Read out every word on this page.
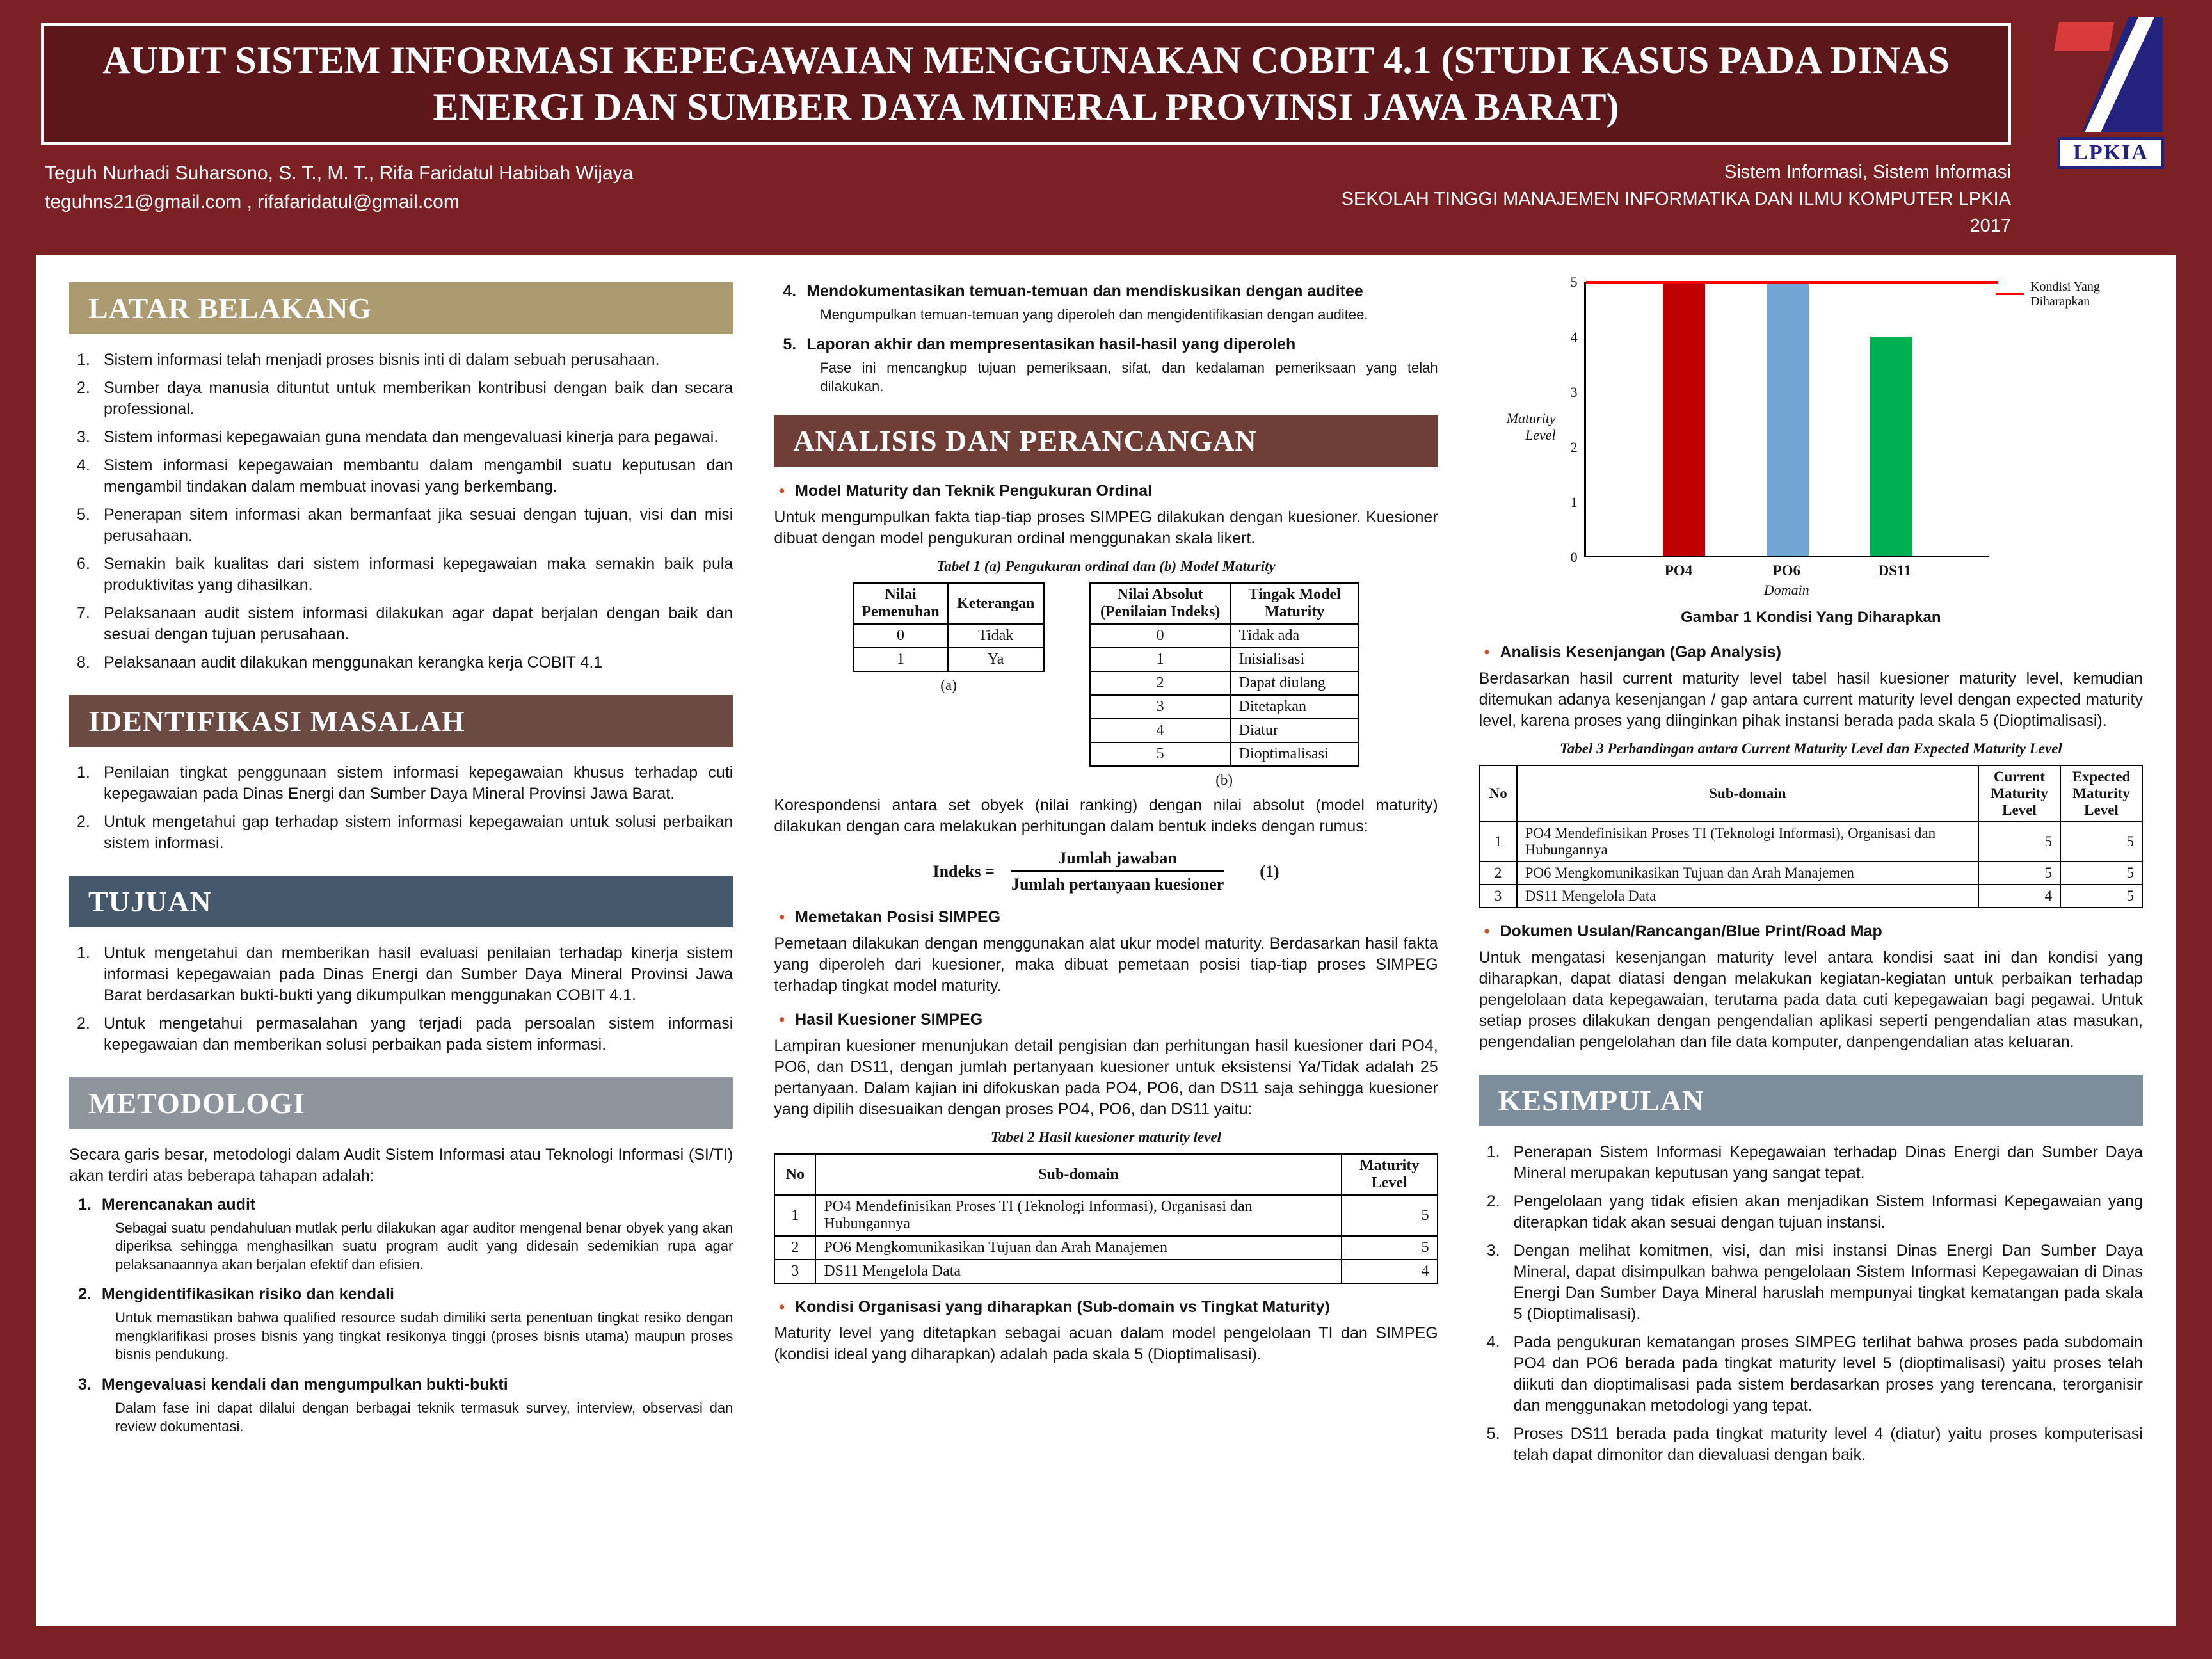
AUDIT SISTEM INFORMASI KEPEGAWAIAN MENGGUNAKAN COBIT 4.1 (STUDI KASUS PADA DINAS ENERGI DAN SUMBER DAYA MINERAL PROVINSI JAWA BARAT)
Teguh Nurhadi Suharsono, S. T., M. T., Rifa Faridatul Habibah Wijaya
teguhns21@gmail.com , rifafaridatul@gmail.com
Sistem Informasi, Sistem Informasi
SEKOLAH TINGGI MANAJEMEN INFORMATIKA DAN ILMU KOMPUTER LPKIA
2017
LPKIA
LATAR BELAKANG
Sistem informasi telah menjadi proses bisnis inti di dalam sebuah perusahaan.
Sumber daya manusia dituntut untuk memberikan kontribusi dengan baik dan secara professional.
Sistem informasi kepegawaian guna mendata dan mengevaluasi kinerja para pegawai.
Sistem informasi kepegawaian membantu dalam mengambil suatu keputusan dan mengambil tindakan dalam membuat inovasi yang berkembang.
Penerapan sitem informasi akan bermanfaat jika sesuai dengan tujuan, visi dan misi perusahaan.
Semakin baik kualitas dari sistem informasi kepegawaian maka semakin baik pula produktivitas yang dihasilkan.
Pelaksanaan audit sistem informasi dilakukan agar dapat berjalan dengan baik dan sesuai dengan tujuan perusahaan.
Pelaksanaan audit dilakukan menggunakan kerangka kerja COBIT 4.1
IDENTIFIKASI MASALAH
Penilaian tingkat penggunaan sistem informasi kepegawaian khusus terhadap cuti kepegawaian pada Dinas Energi dan Sumber Daya Mineral Provinsi Jawa Barat.
Untuk mengetahui gap terhadap sistem informasi kepegawaian untuk solusi perbaikan sistem informasi.
TUJUAN
Untuk mengetahui dan memberikan hasil evaluasi penilaian terhadap kinerja sistem informasi kepegawaian pada Dinas Energi dan Sumber Daya Mineral Provinsi Jawa Barat berdasarkan bukti-bukti yang dikumpulkan menggunakan COBIT 4.1.
Untuk mengetahui permasalahan yang terjadi pada persoalan sistem informasi kepegawaian dan memberikan solusi perbaikan pada sistem informasi.
METODOLOGI

Secara garis besar, metodologi dalam Audit Sistem Informasi atau Teknologi Informasi (SI/TI) akan terdiri atas beberapa tahapan adalah:

1. Merencanakan audit
Sebagai suatu pendahuluan mutlak perlu dilakukan agar auditor mengenal benar obyek yang akan diperiksa sehingga menghasilkan suatu program audit yang didesain sedemikian rupa agar pelaksanaannya akan berjalan efektif dan efisien.
2. Mengidentifikasikan risiko dan kendali
Untuk memastikan bahwa qualified resource sudah dimiliki serta penentuan tingkat resiko dengan mengklarifikasi proses bisnis yang tingkat resikonya tinggi (proses bisnis utama) maupun proses bisnis pendukung.
3. Mengevaluasi kendali dan mengumpulkan bukti-bukti
Dalam fase ini dapat dilalui dengan berbagai teknik termasuk survey, interview, observasi dan review dokumentasi.
4. Mendokumentasikan temuan-temuan dan mendiskusikan dengan auditee
Mengumpulkan temuan-temuan yang diperoleh dan mengidentifikasian dengan auditee.
5. Laporan akhir dan mempresentasikan hasil-hasil yang diperoleh
Fase ini mencangkup tujuan pemeriksaan, sifat, dan kedalaman pemeriksaan yang telah dilakukan.
ANALISIS DAN PERANCANGAN
• Model Maturity dan Teknik Pengukuran Ordinal

Untuk mengumpulkan fakta tiap-tiap proses SIMPEG dilakukan dengan kuesioner. Kuesioner dibuat dengan model pengukuran ordinal menggunakan skala likert.

Tabel 1 (a) Pengukuran ordinal dan (b) Model Maturity
Nilai Pemenuhan	Keterangan
0	Tidak
1	Ya
(a)
Nilai Absolut (Penilaian Indeks)	Tingak Model Maturity
0	Tidak ada
1	Inisialisasi
2	Dapat diulang
3	Ditetapkan
4	Diatur
5	Dioptimalisasi
(b)

Korespondensi antara set obyek (nilai ranking) dengan nilai absolut (model maturity) dilakukan dengan cara melakukan perhitungan dalam bentuk indeks dengan rumus:

Indeks = $\frac{\text{Jumlah jawaban}}{\text{Jumlah pertanyaan kuesioner}} (1)$
• Memetakan Posisi SIMPEG

Pemetaan dilakukan dengan menggunakan alat ukur model maturity. Berdasarkan hasil fakta yang diperoleh dari kuesioner, maka dibuat pemetaan posisi tiap-tiap proses SIMPEG terhadap tingkat model maturity.

• Hasil Kuesioner SIMPEG

Lampiran kuesioner menunjukan detail pengisian dan perhitungan hasil kuesioner dari PO4, PO6, dan DS11, dengan jumlah pertanyaan kuesioner untuk eksistensi Ya/Tidak adalah 25 pertanyaan. Dalam kajian ini difokuskan pada PO4, PO6, dan DS11 saja sehingga kuesioner yang dipilih disesuaikan dengan proses PO4, PO6, dan DS11 yaitu:

Tabel 2 Hasil kuesioner maturity level
No	Sub-domain	Maturity Level
1	PO4 Mendefinisikan Proses TI (Teknologi Informasi), Organisasi dan Hubungannya	5
2	PO6 Mengkomunikasikan Tujuan dan Arah Manajemen	5
3	DS11 Mengelola Data	4
• Kondisi Organisasi yang diharapkan (Sub-domain vs Tingkat Maturity)

Maturity level yang ditetapkan sebagai acuan dalam model pengelolaan TI dan SIMPEG (kondisi ideal yang diharapkan) adalah pada skala 5 (Dioptimalisasi).

Maturity Level
0
1
2
3
4
5
PO4	PO6	DS11
Domain
Kondisi Yang Diharapkan
Gambar 1 Kondisi Yang Diharapkan
• Analisis Kesenjangan (Gap Analysis)

Berdasarkan hasil current maturity level tabel hasil kuesioner maturity level, kemudian ditemukan adanya kesenjangan / gap antara current maturity level dengan expected maturity level, karena proses yang diinginkan pihak instansi berada pada skala 5 (Dioptimalisasi).

Tabel 3 Perbandingan antara Current Maturity Level dan Expected Maturity Level
No	Sub-domain	Current Maturity Level	Expected Maturity Level
1	PO4 Mendefinisikan Proses TI (Teknologi Informasi), Organisasi dan Hubungannya	5	5
2	PO6 Mengkomunikasikan Tujuan dan Arah Manajemen	5	5
3	DS11 Mengelola Data	4	5
• Dokumen Usulan/Rancangan/Blue Print/Road Map

Untuk mengatasi kesenjangan maturity level antara kondisi saat ini dan kondisi yang diharapkan, dapat diatasi dengan melakukan kegiatan-kegiatan untuk perbaikan terhadap pengelolaan data kepegawaian, terutama pada data cuti kepegawaian bagi pegawai. Untuk setiap proses dilakukan dengan pengendalian aplikasi seperti pengendalian atas masukan, pengendalian pengelolahan dan file data komputer, danpengendalian atas keluaran.

KESIMPULAN
Penerapan Sistem Informasi Kepegawaian terhadap Dinas Energi dan Sumber Daya Mineral merupakan keputusan yang sangat tepat.
Pengelolaan yang tidak efisien akan menjadikan Sistem Informasi Kepegawaian yang diterapkan tidak akan sesuai dengan tujuan instansi.
Dengan melihat komitmen, visi, dan misi instansi Dinas Energi Dan Sumber Daya Mineral, dapat disimpulkan bahwa pengelolaan Sistem Informasi Kepegawaian di Dinas Energi Dan Sumber Daya Mineral haruslah mempunyai tingkat kematangan pada skala 5 (Dioptimalisasi).
Pada pengukuran kematangan proses SIMPEG terlihat bahwa proses pada subdomain PO4 dan PO6 berada pada tingkat maturity level 5 (dioptimalisasi) yaitu proses telah diikuti dan dioptimalisasi pada sistem berdasarkan proses yang terencana, terorganisir dan menggunakan metodologi yang tepat.
Proses DS11 berada pada tingkat maturity level 4 (diatur) yaitu proses komputerisasi telah dapat dimonitor dan dievaluasi dengan baik.
